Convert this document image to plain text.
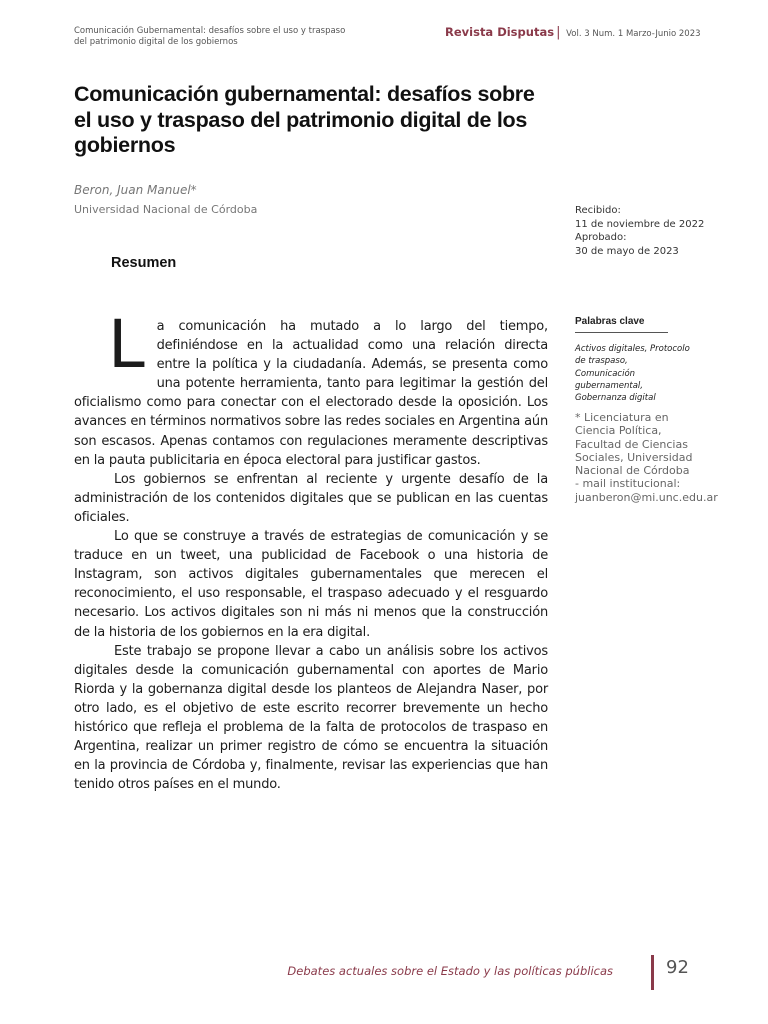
Comunicación Gubernamental: desafíos sobre el uso y traspaso del patrimonio digital de los gobiernos
Revista Disputas | Vol. 3 Num. 1 Marzo-Junio 2023
Comunicación gubernamental: desafíos sobre el uso y traspaso del patrimonio digital de los gobiernos
Beron, Juan Manuel*
Universidad Nacional de Córdoba	Recibido:
11 de noviembre de 2022
Aprobado:
30 de mayo de 2023
Resumen

La comunicación ha mutado a lo largo del tiempo, definiéndose en la actualidad como una relación directa entre la política y la ciudadanía. Además, se presenta como una potente herramienta, tanto para legitimar la gestión del oficialismo como para conectar con el electorado desde la oposición. Los avances en términos normativos sobre las redes sociales en Argentina aún son escasos. Apenas contamos con regulaciones meramente descriptivas en la pauta publicitaria en época electoral para justificar gastos.

Los gobiernos se enfrentan al reciente y urgente desafío de la administración de los contenidos digitales que se publican en las cuentas oficiales.

Lo que se construye a través de estrategias de comunicación y se traduce en un tweet, una publicidad de Facebook o una historia de Instagram, son activos digitales gubernamentales que merecen el reconocimiento, el uso responsable, el traspaso adecuado y el resguardo necesario. Los activos digitales son ni más ni menos que la construcción de la historia de los gobiernos en la era digital.

Este trabajo se propone llevar a cabo un análisis sobre los activos digitales desde la comunicación gubernamental con aportes de Mario Riorda y la gobernanza digital desde los planteos de Alejandra Naser, por otro lado, es el objetivo de este escrito recorrer brevemente un hecho histórico que refleja el problema de la falta de protocolos de traspaso en Argentina, realizar un primer registro de cómo se encuentra la situación en la provincia de Córdoba y, finalmente, revisar las experiencias que han tenido otros países en el mundo.

Palabras clave
Activos digitales, Protocolo de traspaso, Comunicación gubernamental, Gobernanza digital
* Licenciatura en Ciencia Política, Facultad de Ciencias Sociales, Universidad Nacional de Córdoba - mail institucional: juanberon@mi.unc.edu.ar
Debates actuales sobre el Estado y las políticas públicas	92
